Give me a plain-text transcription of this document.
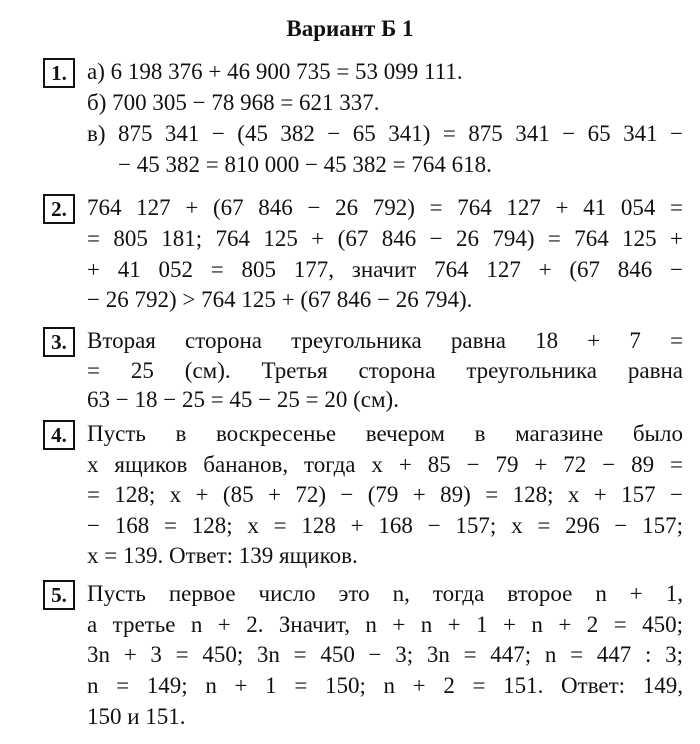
Вариант Б 1
1. а) 6 198 376 + 46 900 735 = 53 099 111.
б) 700 305 − 78 968 = 621 337.
в) 875 341 − (45 382 − 65 341) = 875 341 − 65 341 −
− 45 382 = 810 000 − 45 382 = 764 618.
2. 764 127 + (67 846 − 26 792) = 764 127 + 41 054 =
= 805 181; 764 125 + (67 846 − 26 794) = 764 125 +
+ 41 052 = 805 177, значит 764 127 + (67 846 −
− 26 792) > 764 125 + (67 846 − 26 794).
3. Вторая сторона треугольника равна 18 + 7 =
= 25 (см). Третья сторона треугольника равна
63 − 18 − 25 = 45 − 25 = 20 (см).
4. Пусть в воскресенье вечером в магазине было
x ящиков бананов, тогда x + 85 − 79 + 72 − 89 =
= 128; x + (85 + 72) − (79 + 89) = 128; x + 157 −
− 168 = 128; x = 128 + 168 − 157; x = 296 − 157;
x = 139. Ответ: 139 ящиков.
5. Пусть первое число это n, тогда второе n + 1,
а третье n + 2. Значит, n + n + 1 + n + 2 = 450;
3n + 3 = 450; 3n = 450 − 3; 3n = 447; n = 447 : 3;
n = 149; n + 1 = 150; n + 2 = 151. Ответ: 149,
150 и 151.
